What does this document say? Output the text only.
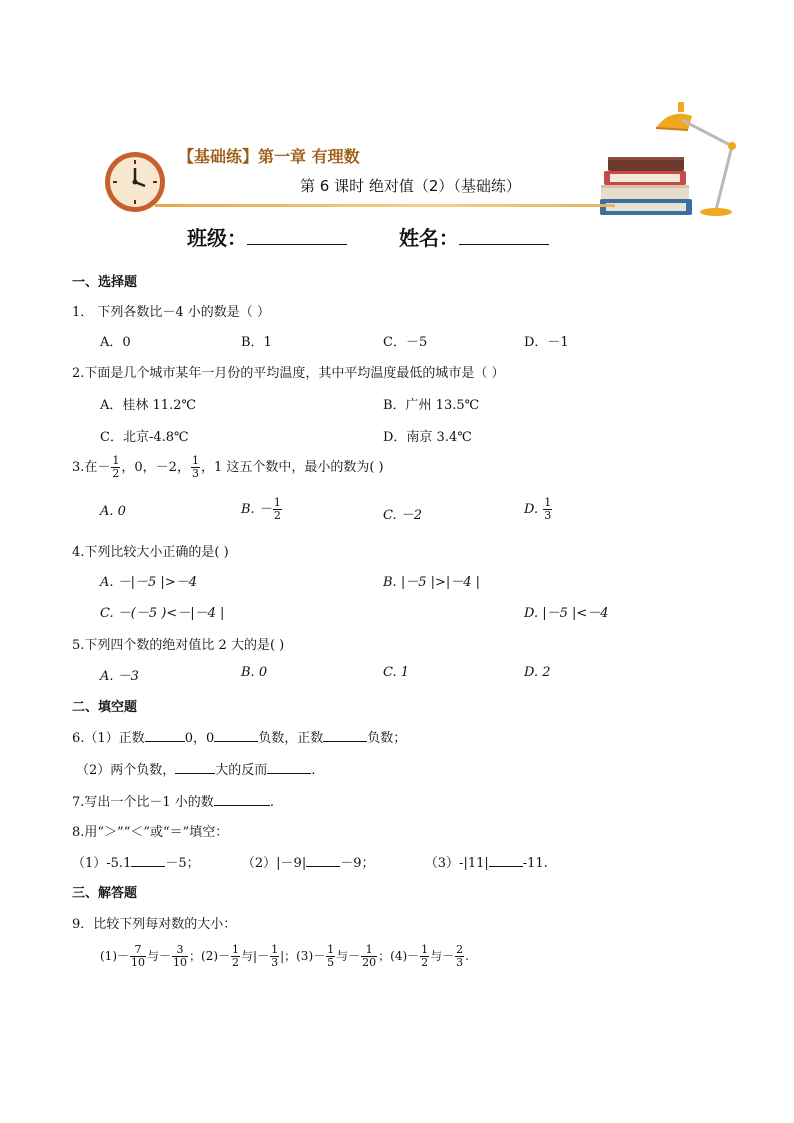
【基础练】第一章 有理数
第 6 课时 绝对值（2）（基础练）
班级：	姓名：
一、选择题
1． 下列各数比－4 小的数是（ ）
A．0	B．1	C．－5	D．－1
2.下面是几个城市某年一月份的平均温度，其中平均温度最低的城市是（ ）
A．桂林 11.2℃	B．广州 13.5℃
C．北京-4.8℃	D．南京 3.4℃
3.在－ $\frac{1}{2}$ ，0，－2， $\frac{1}{3}$ ，1 这五个数中，最小的数为( )
A. 0	B. － $\frac{1}{2}$	C. －2	D. $\frac{1}{3}$
4.下列比较大小正确的是( )
A. －|－5 |>－4	B. |－5 |>|－4 |
C. －(－5 )<－|－4 |	D. |－5 |<－4
5.下列四个数的绝对值比 2 大的是( )
A. －3	B. 0	C. 1	D. 2
二、填空题
6.（1）正数	0，0	负数，正数	负数；
（2）两个负数，	大的反而	.
7.写出一个比－1 小的数	.
8.用“＞”“＜”或“＝”填空：
（1）-5.1	－5；	（2）|－9|	－9；	（3）-|11|	-11.
三、解答题
9．比较下列每对数的大小：
$(1)- \frac{7}{10}$ 与－ $\frac{3}{10}$ ；$(2)- \frac{1}{2}$ 与|－ $\frac{1}{3}$ |；$(3)- \frac{1}{5}$ 与－ $\frac{1}{20}$ ；$(4)- \frac{1}{2}$ 与－ $\frac{2}{3}$ .
